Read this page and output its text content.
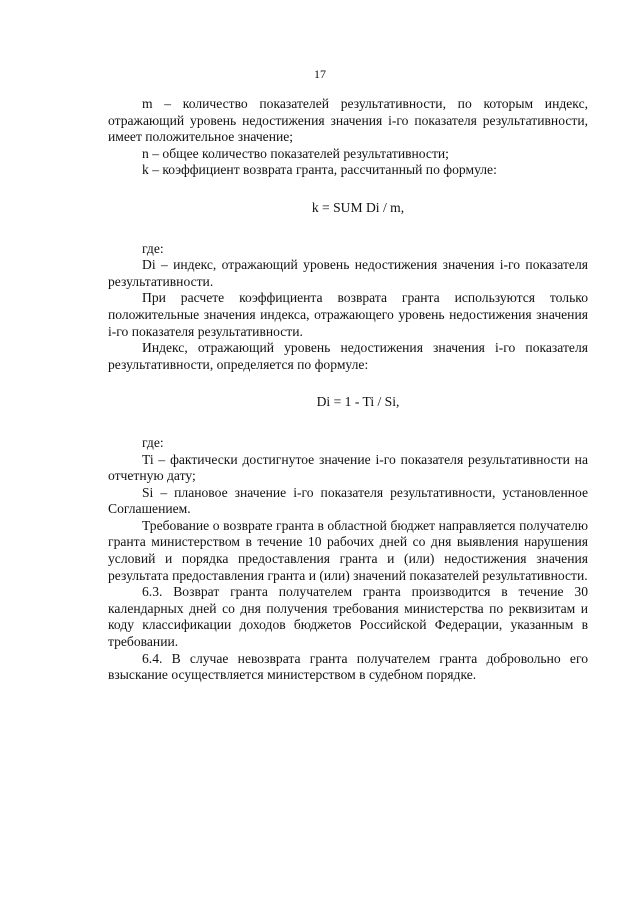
17

m – количество показателей результативности, по которым индекс, отражающий уровень недостижения значения i-го показателя результативности, имеет положительное значение;

n – общее количество показателей результативности;

k – коэффициент возврата гранта, рассчитанный по формуле:

k = SUM Di / m,

где:

Di – индекс, отражающий уровень недостижения значения i-го показателя результативности.

При расчете коэффициента возврата гранта используются только положительные значения индекса, отражающего уровень недостижения значения i-го показателя результативности.

Индекс, отражающий уровень недостижения значения i-го показателя результативности, определяется по формуле:

Di = 1 - Ti / Si,

где:

Ti – фактически достигнутое значение i-го показателя результативности на отчетную дату;

Si – плановое значение i-го показателя результативности, установленное Соглашением.

Требование о возврате гранта в областной бюджет направляется получателю гранта министерством в течение 10 рабочих дней со дня выявления нарушения условий и порядка предоставления гранта и (или) недостижения значения результата предоставления гранта и (или) значений показателей результативности.

6.3. Возврат гранта получателем гранта производится в течение 30 календарных дней со дня получения требования министерства по реквизитам и коду классификации доходов бюджетов Российской Федерации, указанным в требовании.

6.4. В случае невозврата гранта получателем гранта добровольно его взыскание осуществляется министерством в судебном порядке.
